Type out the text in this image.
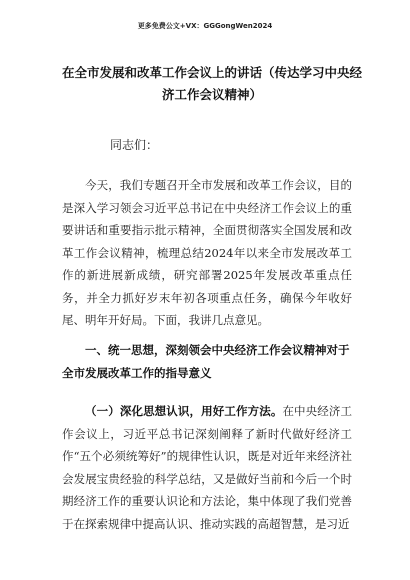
更多免费公文+VX：GGGongWen2024
在全市发展和改革工作会议上的讲话（传达学习中央经济工作会议精神）
同志们：
今天，我们专题召开全市发展和改革工作会议，目的是深入学习领会习近平总书记在中央经济工作会议上的重要讲话和重要指示批示精神，全面贯彻落实全国发展和改革工作会议精神，梳理总结2024年以来全市发展改革工作的新进展新成绩，研究部署2025年发展改革重点任务，并全力抓好岁末年初各项重点任务，确保今年收好尾、明年开好局。下面，我讲几点意见。
一、统一思想，深刻领会中央经济工作会议精神对于全市发展改革工作的指导意义
（一）深化思想认识，用好工作方法。在中央经济工作会议上，习近平总书记深刻阐释了新时代做好经济工作“五个必须统筹好”的规律性认识，既是对近年来经济社会发展宝贵经验的科学总结，又是做好当前和今后一个时期经济工作的重要认识论和方法论，集中体现了我们党善于在探索规律中提高认识、推动实践的高超智慧，是习近
